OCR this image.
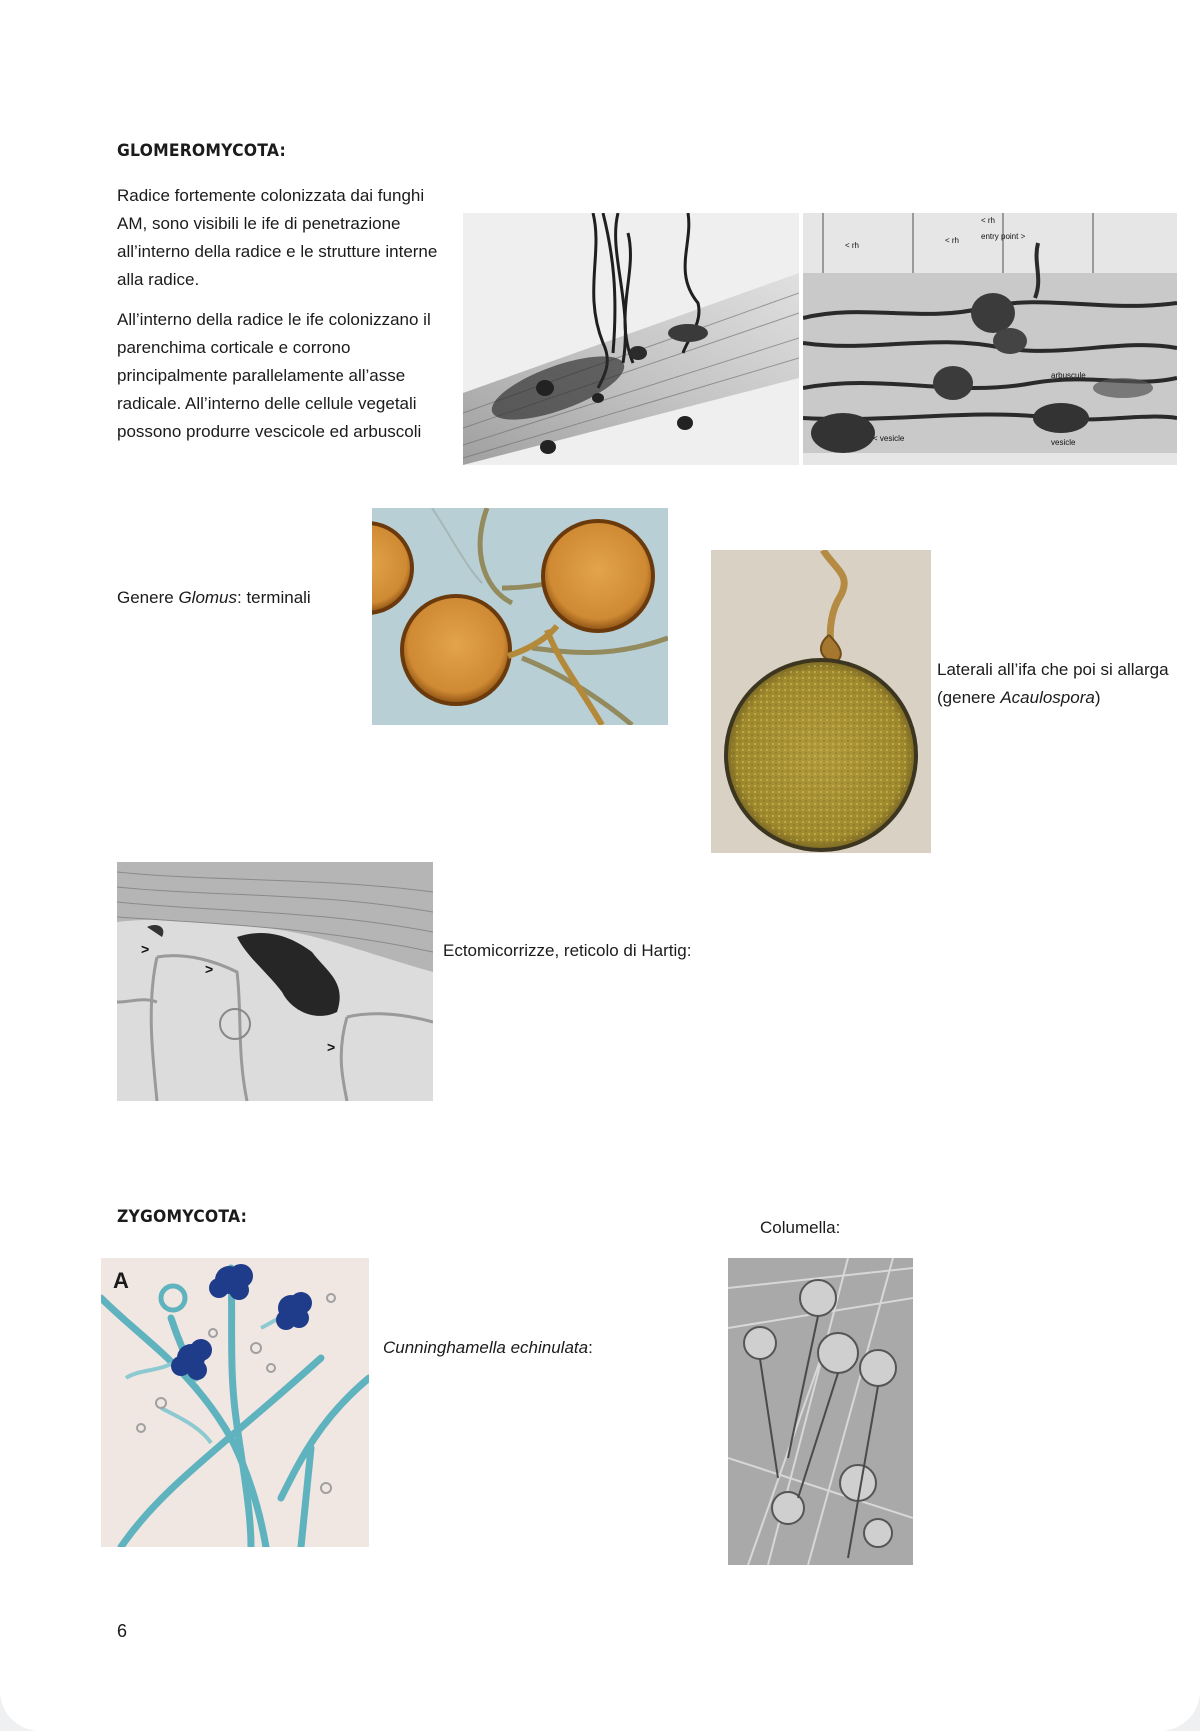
GLOMEROMYCOTA:

Radice fortemente colonizzata dai funghi AM, sono visibili le ife di penetrazione all’interno della radice e le strutture interne alla radice.

All’interno della radice le ife colonizzano il parenchima corticale e corrono principalmente parallelamente all’asse radicale. All’interno delle cellule vegetali possono produrre vescicole ed arbuscoli

< rh
< rh
< rh	entry point >
arbuscule
< vesicle	vesicle
Genere Glomus: terminali

Laterali all’ifa che poi si allarga

(genere Acaulospora)

>
>
>
Ectomicorrizze, reticolo di Hartig:
ZYGOMYCOTA:
Columella:
A
Cunninghamella echinulata:
6
